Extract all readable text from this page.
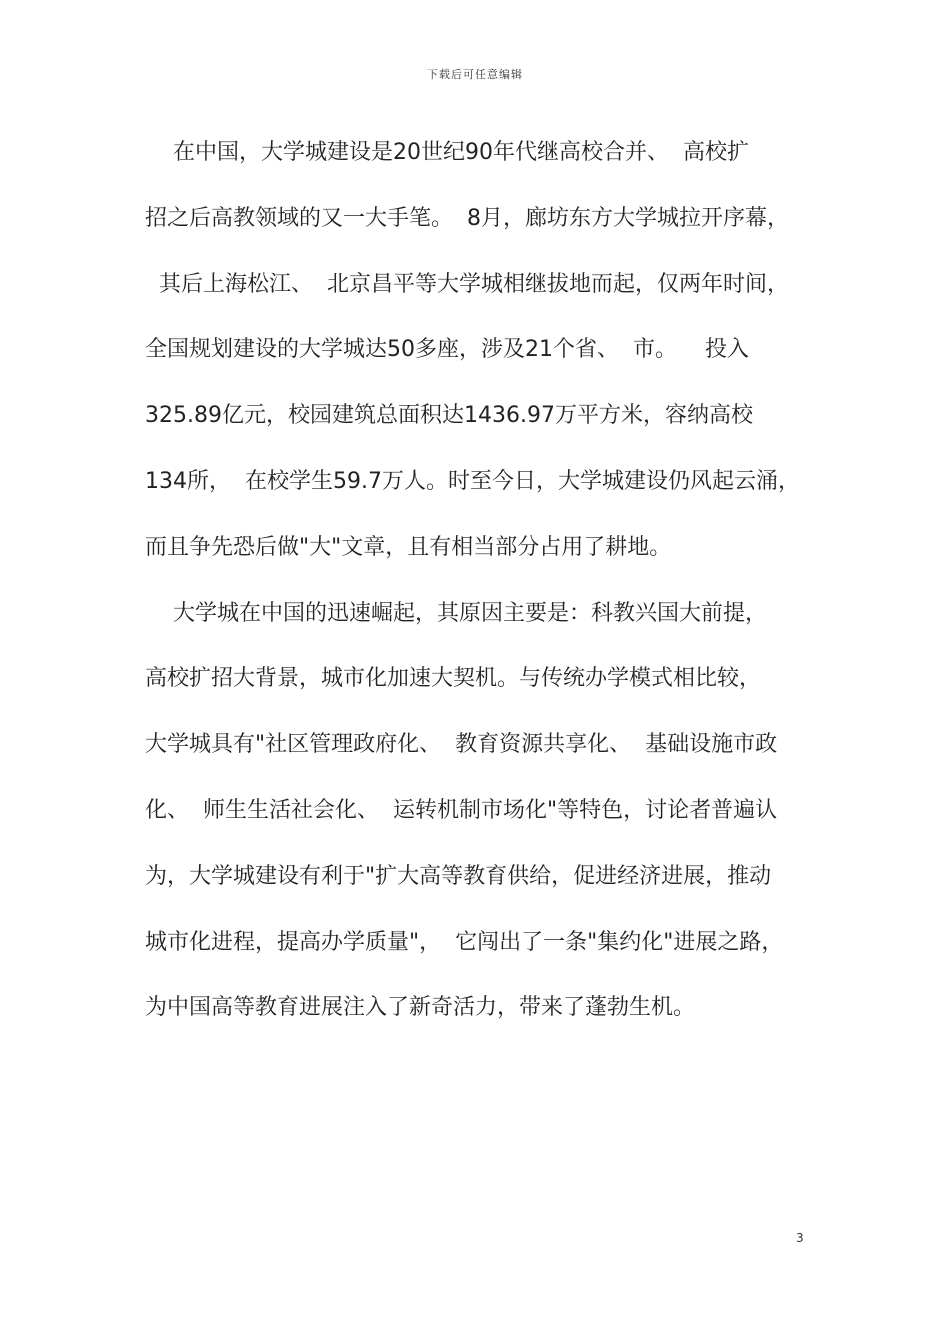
下载后可任意编辑
在中国，大学城建设是20世纪90年代继高校合并、  高校扩
招之后高教领域的又一大手笔。  8月，廊坊东方大学城拉开序幕，
其后上海松江、  北京昌平等大学城相继拔地而起，仅两年时间，
全国规划建设的大学城达50多座，涉及21个省、  市。    投入
325.89亿元，校园建筑总面积达1436.97万平方米，容纳高校
134所，  在校学生59.7万人。时至今日，大学城建设仍风起云涌，
而且争先恐后做"大"文章，且有相当部分占用了耕地。
大学城在中国的迅速崛起，其原因主要是：科教兴国大前提，
高校扩招大背景，城市化加速大契机。与传统办学模式相比较，
大学城具有"社区管理政府化、  教育资源共享化、  基础设施市政
化、  师生生活社会化、  运转机制市场化"等特色，讨论者普遍认
为，大学城建设有利于"扩大高等教育供给，促进经济进展，推动
城市化进程，提高办学质量"，  它闯出了一条"集约化"进展之路，
为中国高等教育进展注入了新奇活力，带来了蓬勃生机。
3
